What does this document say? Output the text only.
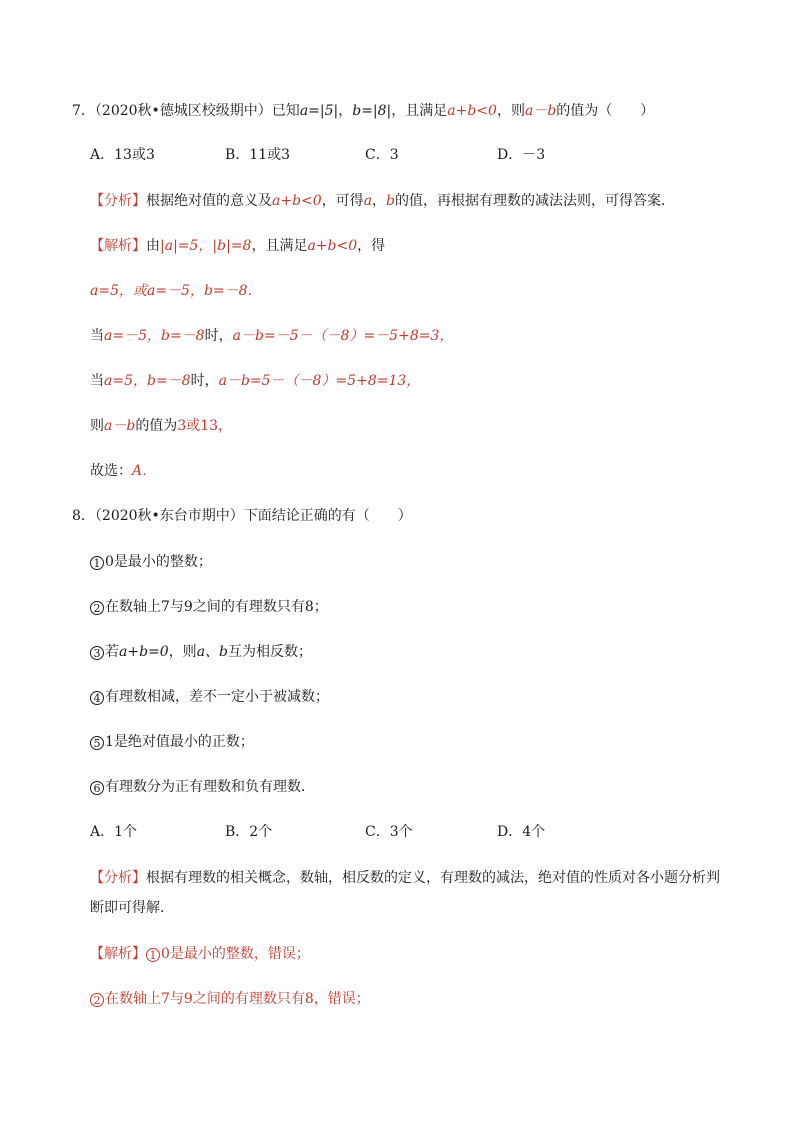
7．（2020秋•德城区校级期中）已知a=|5|，b=|8|，且满足a+b<0，则a－b的值为（　　）
A．13或3	B．11或3	C．3	D．－3
【分析】根据绝对值的意义及a+b<0，可得a，b的值，再根据有理数的减法法则，可得答案．
【解析】由|a|=5，|b|=8，且满足a+b<0，得
a=5，或a=－5，b=－8．
当a=－5，b=－8时，a－b=－5－（－8）=－5+8=3，
当a=5，b=－8时，a－b=5－（－8）=5+8=13，
则a－b的值为3或13，
故选：A．
8．（2020秋•东台市期中）下面结论正确的有（　　）
1 0是最小的整数；
2 在数轴上7与9之间的有理数只有8；
3 若a+b=0，则a、b互为相反数；
4 有理数相减，差不一定小于被减数；
5 1是绝对值最小的正数；
6 有理数分为正有理数和负有理数．
A．1个	B．2个	C．3个	D．4个
【分析】根据有理数的相关概念，数轴，相反数的定义，有理数的减法，绝对值的性质对各小题分析判
断即可得解．
【解析】 1 0是最小的整数，错误；
2 在数轴上7与9之间的有理数只有8，错误；
